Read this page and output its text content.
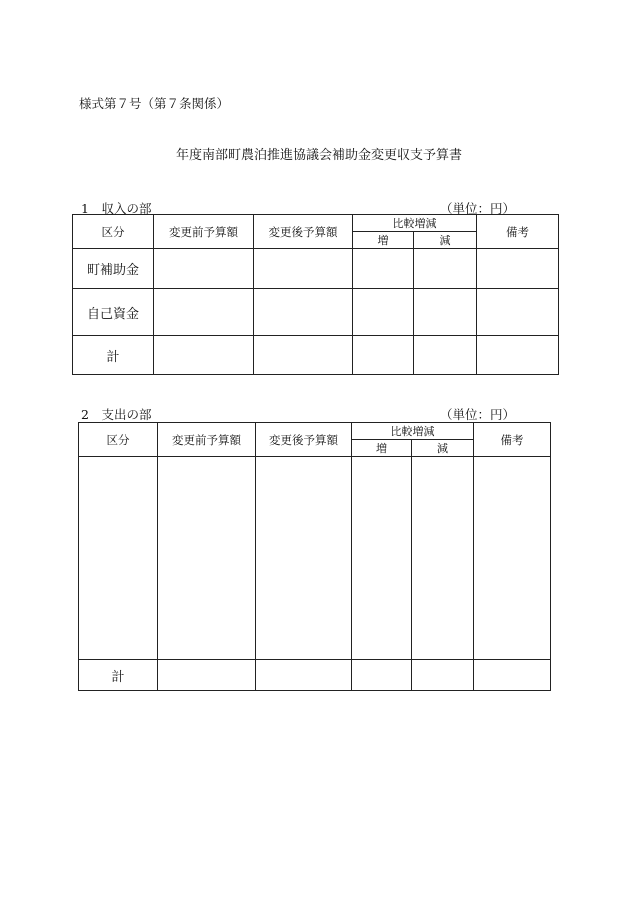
様式第７号（第７条関係）
年度南部町農泊推進協議会補助金変更収支予算書
1　収入の部	（単位：円）
区分	変更前予算額	変更後予算額	比較増減		備考
			増	減	
町補助金					
自己資金					
計					
2　支出の部	（単位：円）
区分	変更前予算額	変更後予算額	比較増減		備考
			増	減	

計					
